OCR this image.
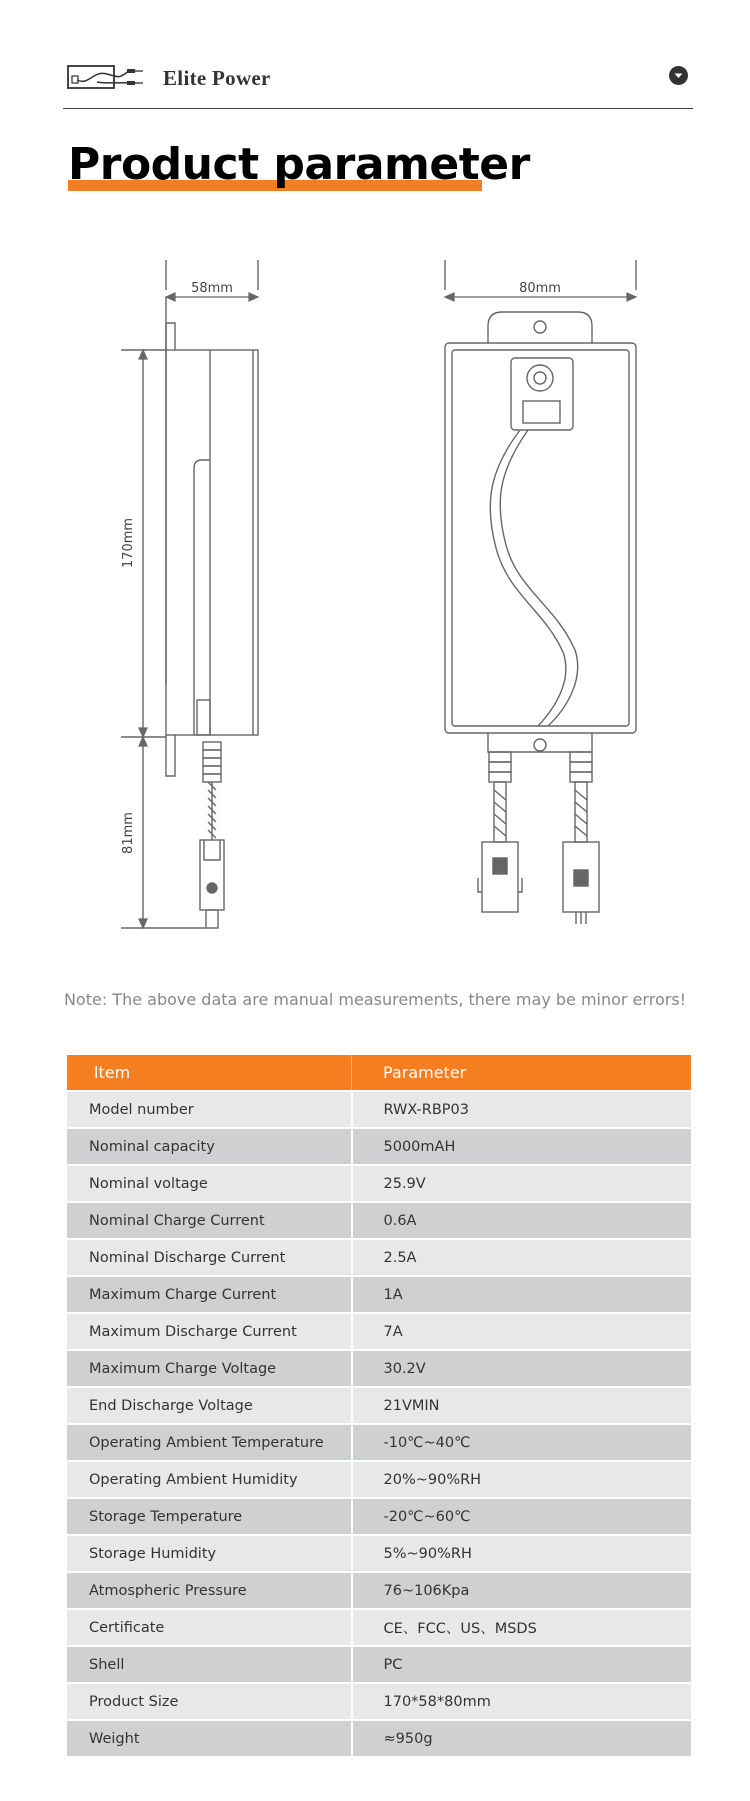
Elite Power
Product parameter
58mm	80mm
170mm
81mm
Note: The above data are manual measurements, there may be minor errors!
ltem	Parameter
Model number	RWX-RBP03
Nominal capacity	5000mAH
Nominal voltage	25.9V
Nominal Charge Current	0.6A
Nominal Discharge Current	2.5A
Maximum Charge Current	1A
Maximum Discharge Current	7A
Maximum Charge Voltage	30.2V
End Discharge Voltage	21VMIN
Operating Ambient Temperature	-10℃~40℃
Operating Ambient Humidity	20%~90%RH
Storage Temperature	-20℃~60℃
Storage Humidity	5%~90%RH
Atmospheric Pressure	76~106Kpa
Certificate	CE、FCC、US、MSDS
Shell	PC
Product Size	170*58*80mm
Weight	≈950g
